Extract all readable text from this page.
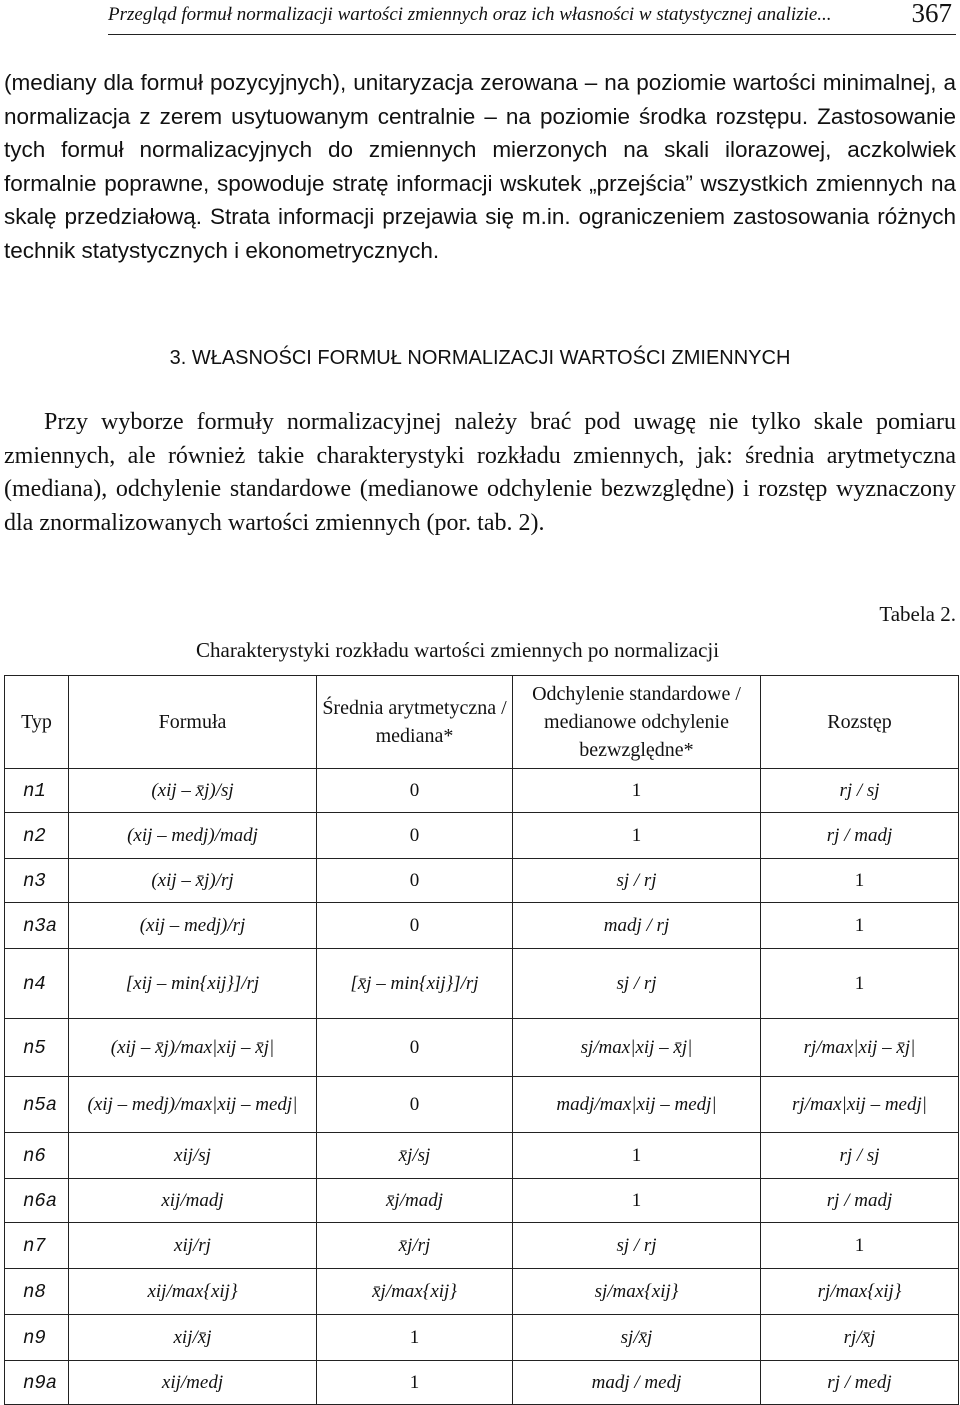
Przegląd formuł normalizacji wartości zmiennych oraz ich własności w statystycznej analizie...	367
(mediany dla formuł pozycyjnych), unitaryzacja zerowana – na poziomie wartości minimalnej, a normalizacja z zerem usytuowanym centralnie – na poziomie środka rozstępu. Zastosowanie tych formuł normalizacyjnych do zmiennych mierzonych na skali ilorazowej, aczkolwiek formalnie poprawne, spowoduje stratę informacji wskutek „przejścia” wszystkich zmiennych na skalę przedziałową. Strata informacji przejawia się m.in. ograniczeniem zastosowania różnych technik statystycznych i ekonometrycznych.
3. WŁASNOŚCI FORMUŁ NORMALIZACJI WARTOŚCI ZMIENNYCH
Przy wyborze formuły normalizacyjnej należy brać pod uwagę nie tylko skale pomiaru zmiennych, ale również takie charakterystyki rozkładu zmiennych, jak: średnia arytmetyczna (mediana), odchylenie standardowe (medianowe odchylenie bezwzględne) i rozstęp wyznaczony dla znormalizowanych wartości zmiennych (por. tab. 2).
Tabela 2.
Charakterystyki rozkładu wartości zmiennych po normalizacji
Typ	Formuła	Średnia arytmetyczna / mediana*	Odchylenie standardowe / medianowe odchylenie bezwzględne*	Rozstęp
n1	(xij – x̄j)/sj	0	1	rj / sj
n2	(xij – medj)/madj	0	1	rj / madj
n3	(xij – x̄j)/rj	0	sj / rj	1
n3a	(xij – medj)/rj	0	madj / rj	1
n4	[xij – min{xij}]/rj	[x̄j – min{xij}]/rj	sj / rj	1
n5	(xij – x̄j)/max|xij – x̄j|	0	sj/max|xij – x̄j|	rj/max|xij – x̄j|
n5a	(xij – medj)/max|xij – medj|	0	madj/max|xij – medj|	rj/max|xij – medj|
n6	xij/sj	x̄j/sj	1	rj / sj
n6a	xij/madj	x̄j/madj	1	rj / madj
n7	xij/rj	x̄j/rj	sj / rj	1
n8	xij/max{xij}	x̄j/max{xij}	sj/max{xij}	rj/max{xij}
n9	xij/x̄j	1	sj/x̄j	rj/x̄j
n9a	xij/medj	1	madj / medj	rj / medj
